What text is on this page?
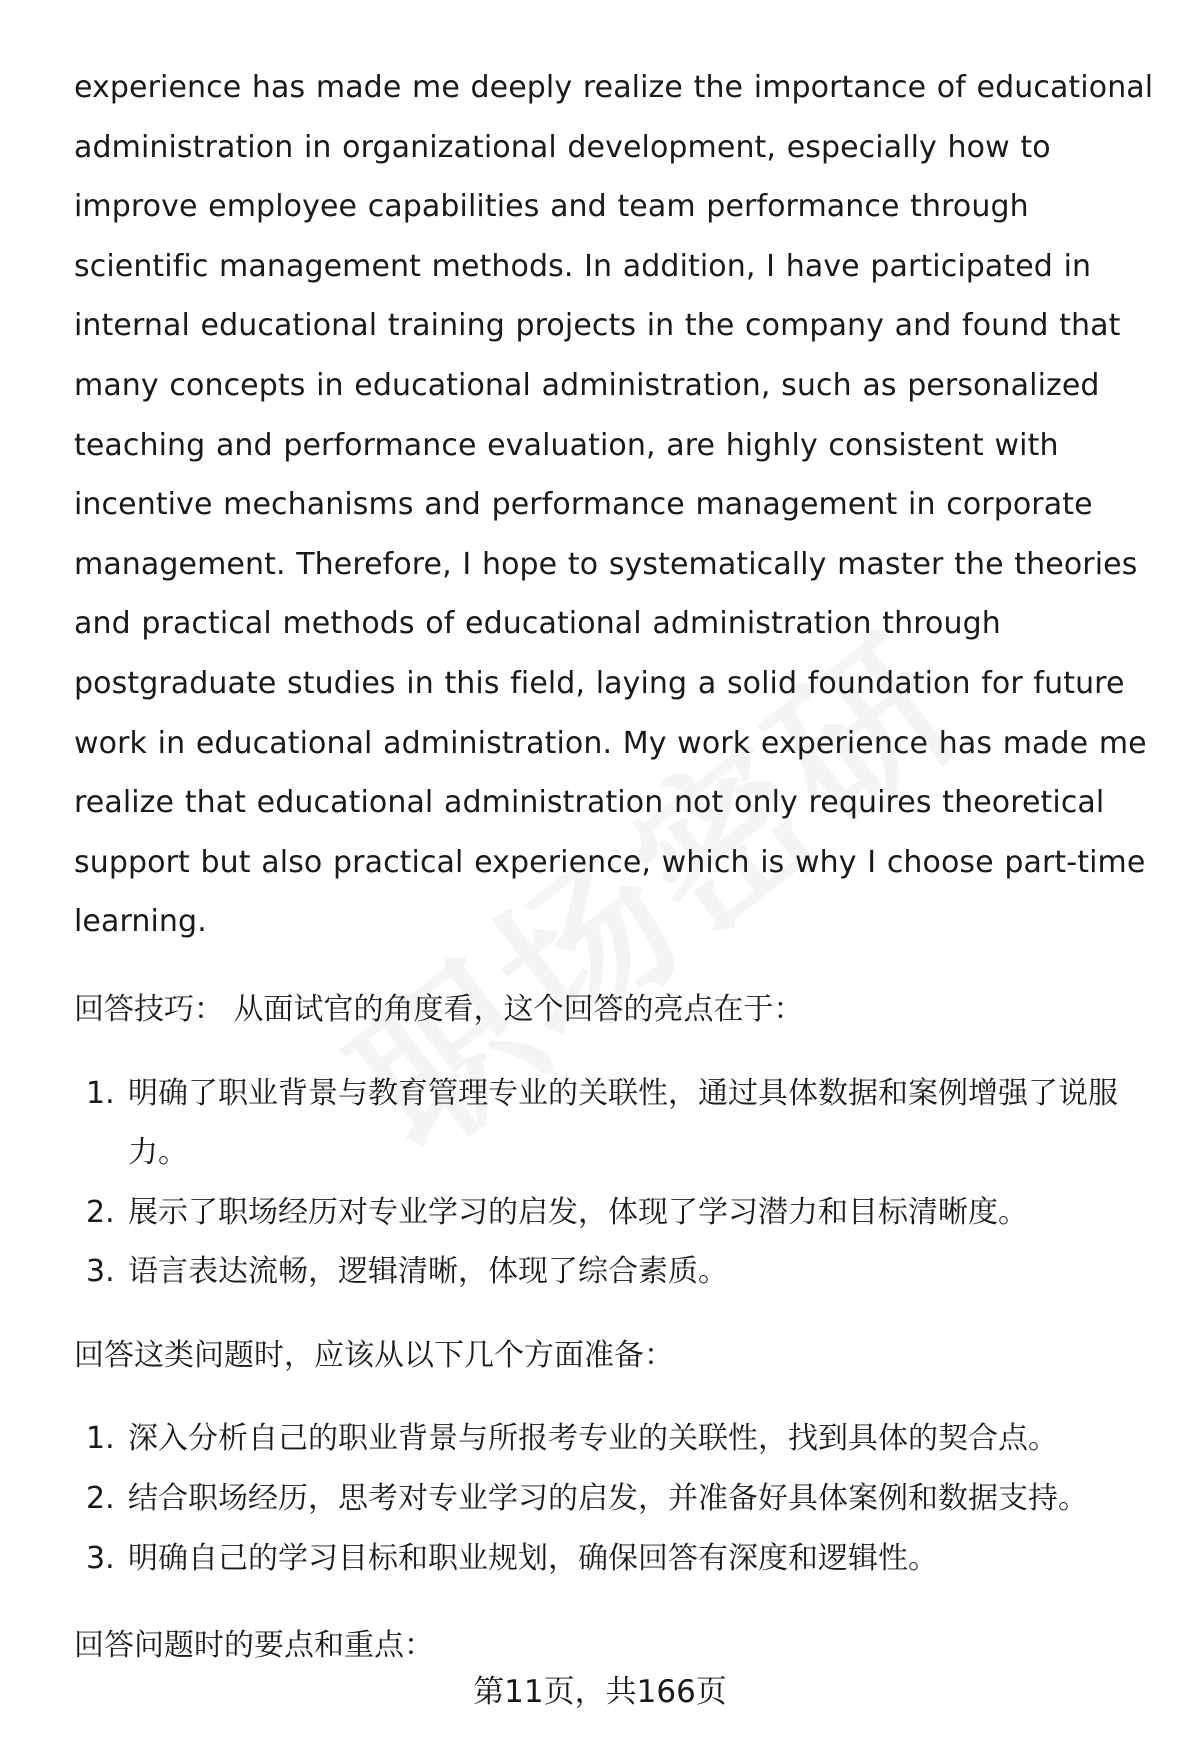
experience has made me deeply realize the importance of educational administration in organizational development, especially how to improve employee capabilities and team performance through scientific management methods. In addition, I have participated in internal educational training projects in the company and found that many concepts in educational administration, such as personalized teaching and performance evaluation, are highly consistent with incentive mechanisms and performance management in corporate management. Therefore, I hope to systematically master the theories and practical methods of educational administration through postgraduate studies in this field, laying a solid foundation for future work in educational administration. My work experience has made me realize that educational administration not only requires theoretical support but also practical experience, which is why I choose part-time learning.

回答技巧： 从面试官的角度看，这个回答的亮点在于：

1. 明确了职业背景与教育管理专业的关联性，通过具体数据和案例增强了说服力。
2. 展示了职场经历对专业学习的启发，体现了学习潜力和目标清晰度。
3. 语言表达流畅，逻辑清晰，体现了综合素质。

回答这类问题时，应该从以下几个方面准备：

1. 深入分析自己的职业背景与所报考专业的关联性，找到具体的契合点。
2. 结合职场经历，思考对专业学习的启发，并准备好具体案例和数据支持。
3. 明确自己的学习目标和职业规划，确保回答有深度和逻辑性。

回答问题时的要点和重点：

第11页，共166页
